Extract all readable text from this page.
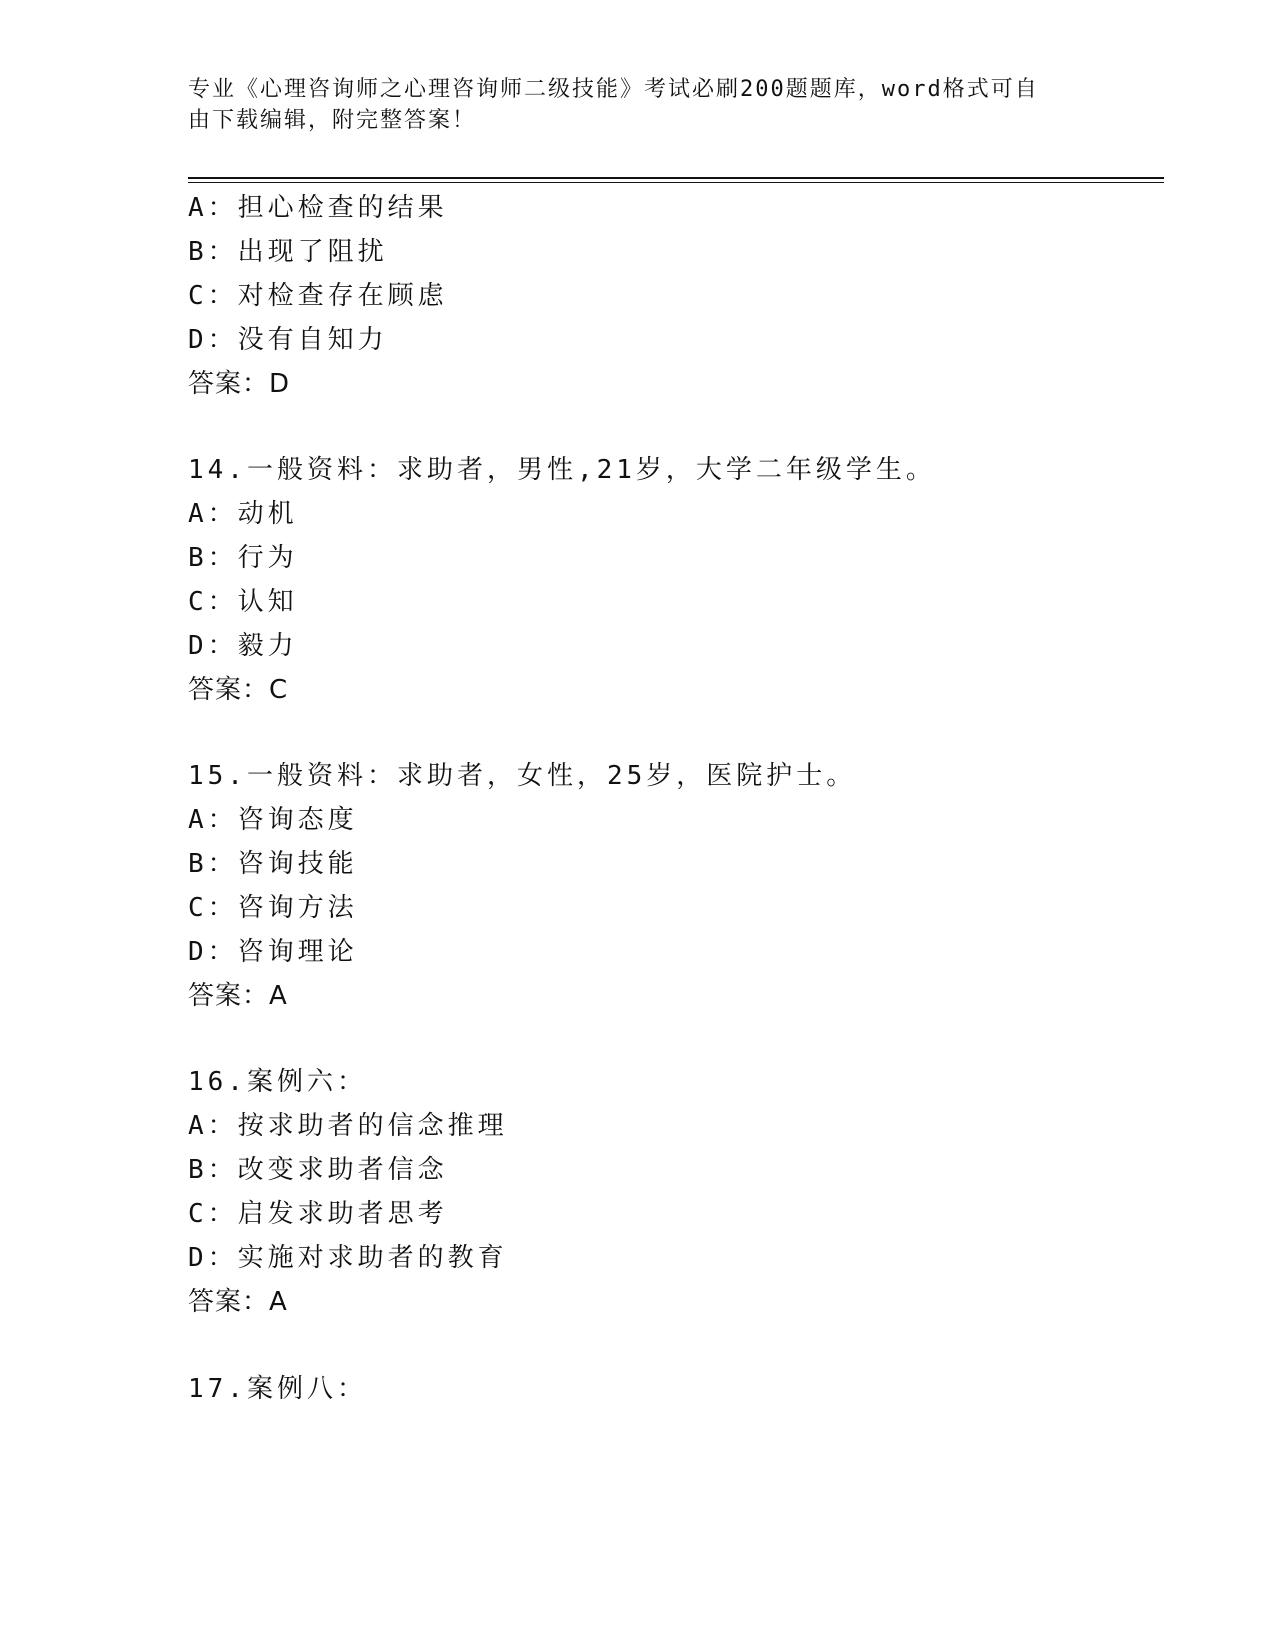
专业《心理咨询师之心理咨询师二级技能》考试必刷200题题库，word格式可自
由下载编辑，附完整答案！
A：担心检查的结果
B：出现了阻扰
C：对检查存在顾虑
D：没有自知力
答案：D
14.一般资料：求助者，男性,21岁，大学二年级学生。
A：动机
B：行为
C：认知
D：毅力
答案：C
15.一般资料：求助者，女性，25岁，医院护士。
A：咨询态度
B：咨询技能
C：咨询方法
D：咨询理论
答案：A
16.案例六：
A：按求助者的信念推理
B：改变求助者信念
C：启发求助者思考
D：实施对求助者的教育
答案：A
17.案例八：
